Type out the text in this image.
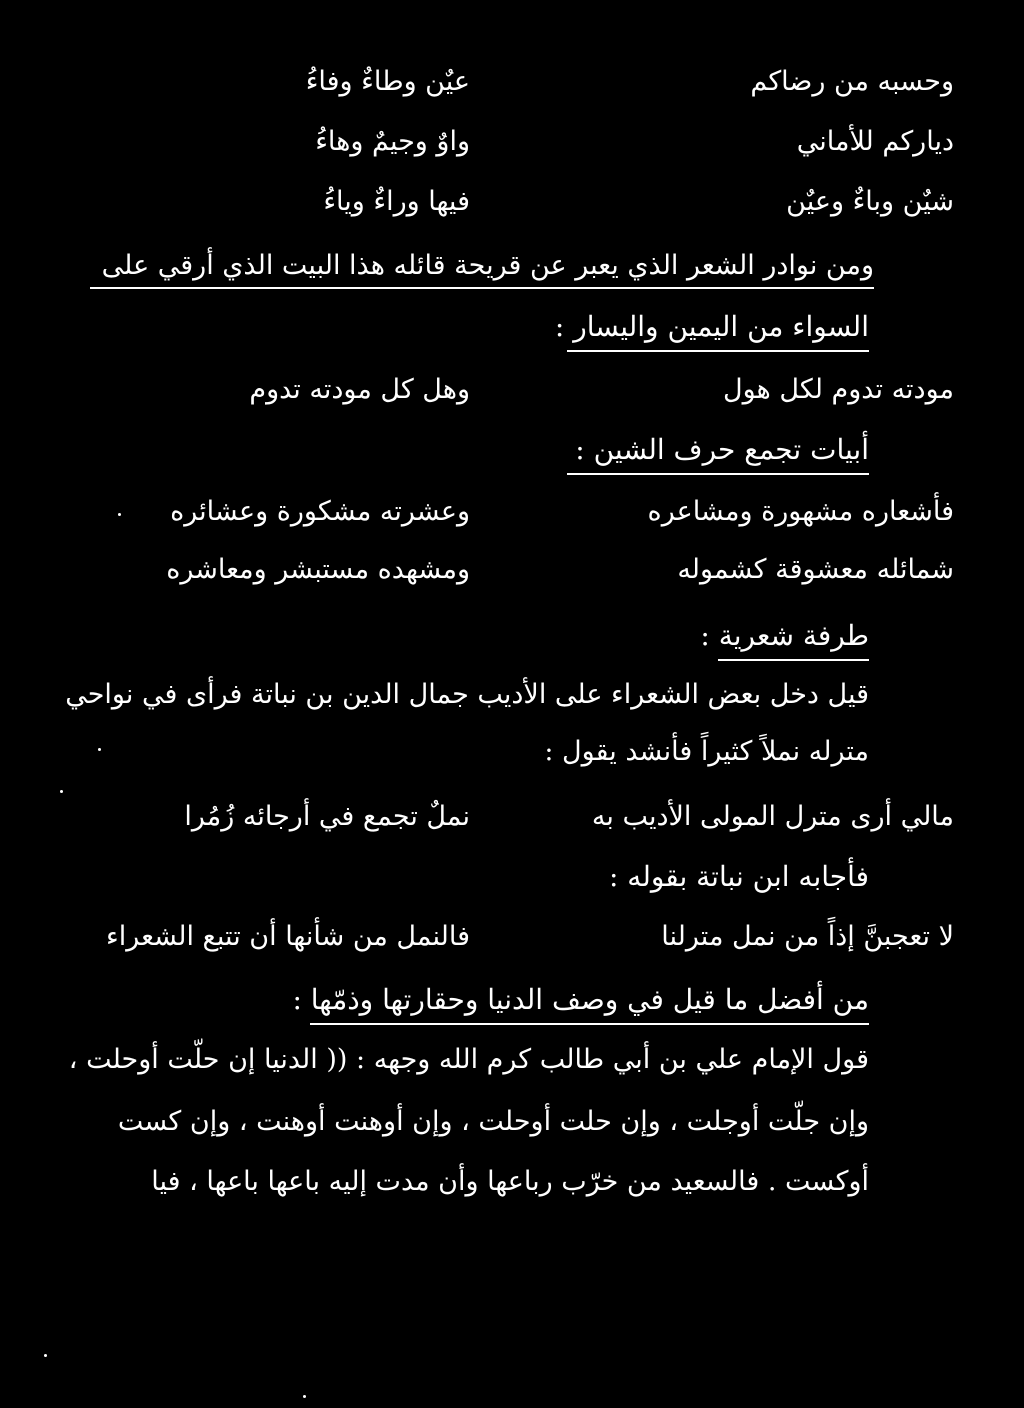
وحسبه من رضاكم
عيٌن وطاءٌ وفاءُ
ديارکم للأماني
واوٌ وجيمٌ وهاءُ
شيٌن وباءٌ وعيٌن
فيها وراءٌ وياءُ
ومن نوادر الشعر الذي يعبر عن قريحة قائله هذا البيت الذي أرقي على
السواء من اليمين واليسار :
مودته تدوم لكل هول
وهل كل مودته تدوم
أبيات تجمع حرف الشين :
فأشعاره مشهورة ومشاعره
وعشرته مشكورة وعشائره
شمائله معشوقة كشموله
ومشهده مستبشر ومعاشره
طرفة شعرية :
قيل دخل بعض الشعراء على الأديب جمال الدين بن نباتة فرأى في نواحي
مترله نملاً كثيراً فأنشد يقول :
مالي أرى مترل المولى الأديب به
نملٌ تجمع في أرجائه زُمُرا
فأجابه ابن نباتة بقوله :
لا تعجبنَّ إذاً من نمل مترلنا
فالنمل من شأنها أن تتبع الشعراء
من أفضل ما قيل في وصف الدنيا وحقارتها وذمّها :
قول الإمام علي بن أبي طالب كرم الله وجهه : (( الدنيا إن حلّت أوحلت ،
وإن جلّت أوجلت ، وإن حلت أوحلت ، وإن أوهنت أوهنت ، وإن كست
أوكست . فالسعيد من خرّب رباعها وأن مدت إليه باعها باعها ، فيا
